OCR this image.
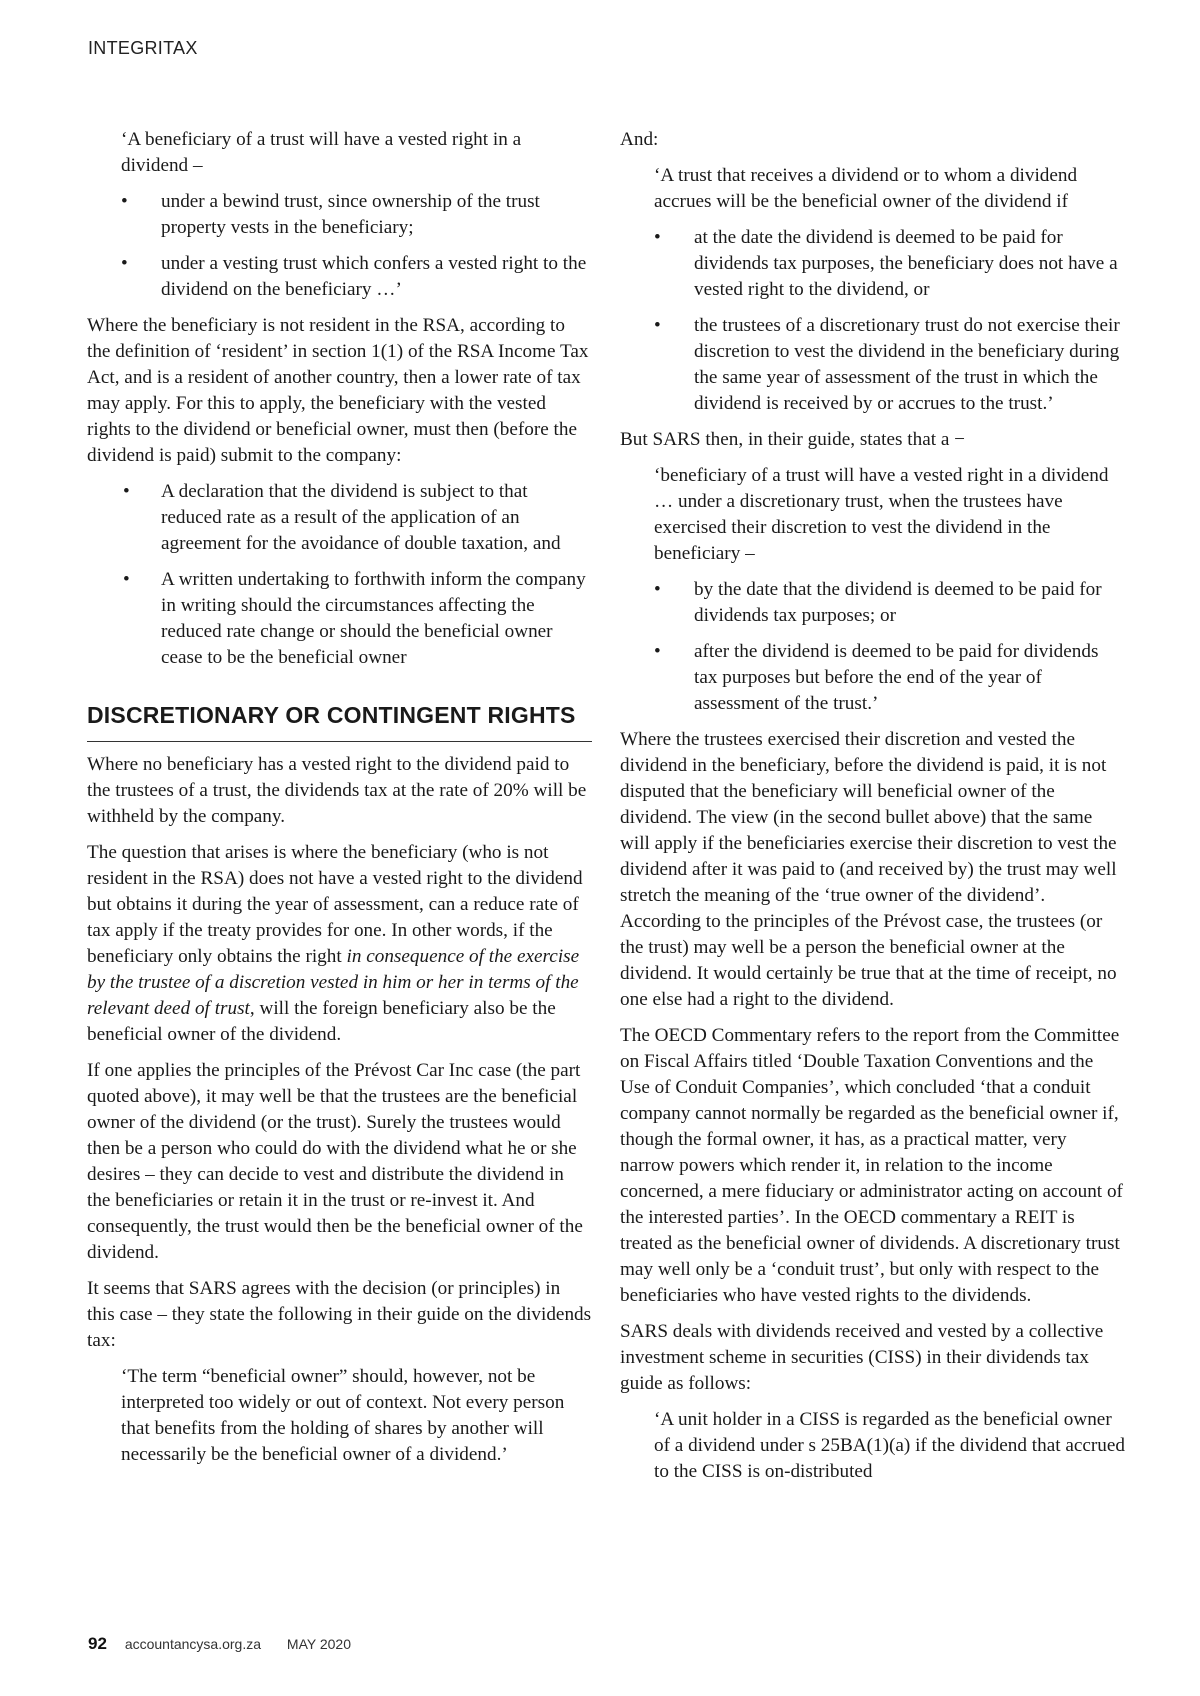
INTEGRITAX

‘A beneficiary of a trust will have a vested right in a dividend –

• under a bewind trust, since ownership of the trust property vests in the beneficiary;
• under a vesting trust which confers a vested right to the dividend on the beneficiary …’

Where the beneficiary is not resident in the RSA, according to the definition of ‘resident’ in section 1(1) of the RSA Income Tax Act, and is a resident of another country, then a lower rate of tax may apply. For this to apply, the beneficiary with the vested rights to the dividend or beneficial owner, must then (before the dividend is paid) submit to the company:

• A declaration that the dividend is subject to that reduced rate as a result of the application of an agreement for the avoidance of double taxation, and
• A written undertaking to forthwith inform the company in writing should the circumstances affecting the reduced rate change or should the beneficial owner cease to be the beneficial owner
DISCRETIONARY OR CONTINGENT RIGHTS

Where no beneficiary has a vested right to the dividend paid to the trustees of a trust, the dividends tax at the rate of 20% will be withheld by the company.

The question that arises is where the beneficiary (who is not resident in the RSA) does not have a vested right to the dividend but obtains it during the year of assessment, can a reduce rate of tax apply if the treaty provides for one. In other words, if the beneficiary only obtains the right in consequence of the exercise by the trustee of a discretion vested in him or her in terms of the relevant deed of trust, will the foreign beneficiary also be the beneficial owner of the dividend.

If one applies the principles of the Prévost Car Inc case (the part quoted above), it may well be that the trustees are the beneficial owner of the dividend (or the trust). Surely the trustees would then be a person who could do with the dividend what he or she desires – they can decide to vest and distribute the dividend in the beneficiaries or retain it in the trust or re-invest it. And consequently, the trust would then be the beneficial owner of the dividend.

It seems that SARS agrees with the decision (or principles) in this case – they state the following in their guide on the dividends tax:

‘The term “beneficial owner” should, however, not be interpreted too widely or out of context. Not every person that benefits from the holding of shares by another will necessarily be the beneficial owner of a dividend.’

And:

‘A trust that receives a dividend or to whom a dividend accrues will be the beneficial owner of the dividend if

• at the date the dividend is deemed to be paid for dividends tax purposes, the beneficiary does not have a vested right to the dividend, or
• the trustees of a discretionary trust do not exercise their discretion to vest the dividend in the beneficiary during the same year of assessment of the trust in which the dividend is received by or accrues to the trust.’

But SARS then, in their guide, states that a −

‘beneficiary of a trust will have a vested right in a dividend … under a discretionary trust, when the trustees have exercised their discretion to vest the dividend in the beneficiary –

• by the date that the dividend is deemed to be paid for dividends tax purposes; or
• after the dividend is deemed to be paid for dividends tax purposes but before the end of the year of assessment of the trust.’

Where the trustees exercised their discretion and vested the dividend in the beneficiary, before the dividend is paid, it is not disputed that the beneficiary will beneficial owner of the dividend. The view (in the second bullet above) that the same will apply if the beneficiaries exercise their discretion to vest the dividend after it was paid to (and received by) the trust may well stretch the meaning of the ‘true owner of the dividend’. According to the principles of the Prévost case, the trustees (or the trust) may well be a person the beneficial owner at the dividend. It would certainly be true that at the time of receipt, no one else had a right to the dividend.

The OECD Commentary refers to the report from the Committee on Fiscal Affairs titled ‘Double Taxation Conventions and the Use of Conduit Companies’, which concluded ‘that a conduit company cannot normally be regarded as the beneficial owner if, though the formal owner, it has, as a practical matter, very narrow powers which render it, in relation to the income concerned, a mere fiduciary or administrator acting on account of the interested parties’. In the OECD commentary a REIT is treated as the beneficial owner of dividends. A discretionary trust may well only be a ‘conduit trust’, but only with respect to the beneficiaries who have vested rights to the dividends.

SARS deals with dividends received and vested by a collective investment scheme in securities (CISS) in their dividends tax guide as follows:

‘A unit holder in a CISS is regarded as the beneficial owner of a dividend under s 25BA(1)(a) if the dividend that accrued to the CISS is on-distributed

92 accountancysa.org.za MAY 2020
